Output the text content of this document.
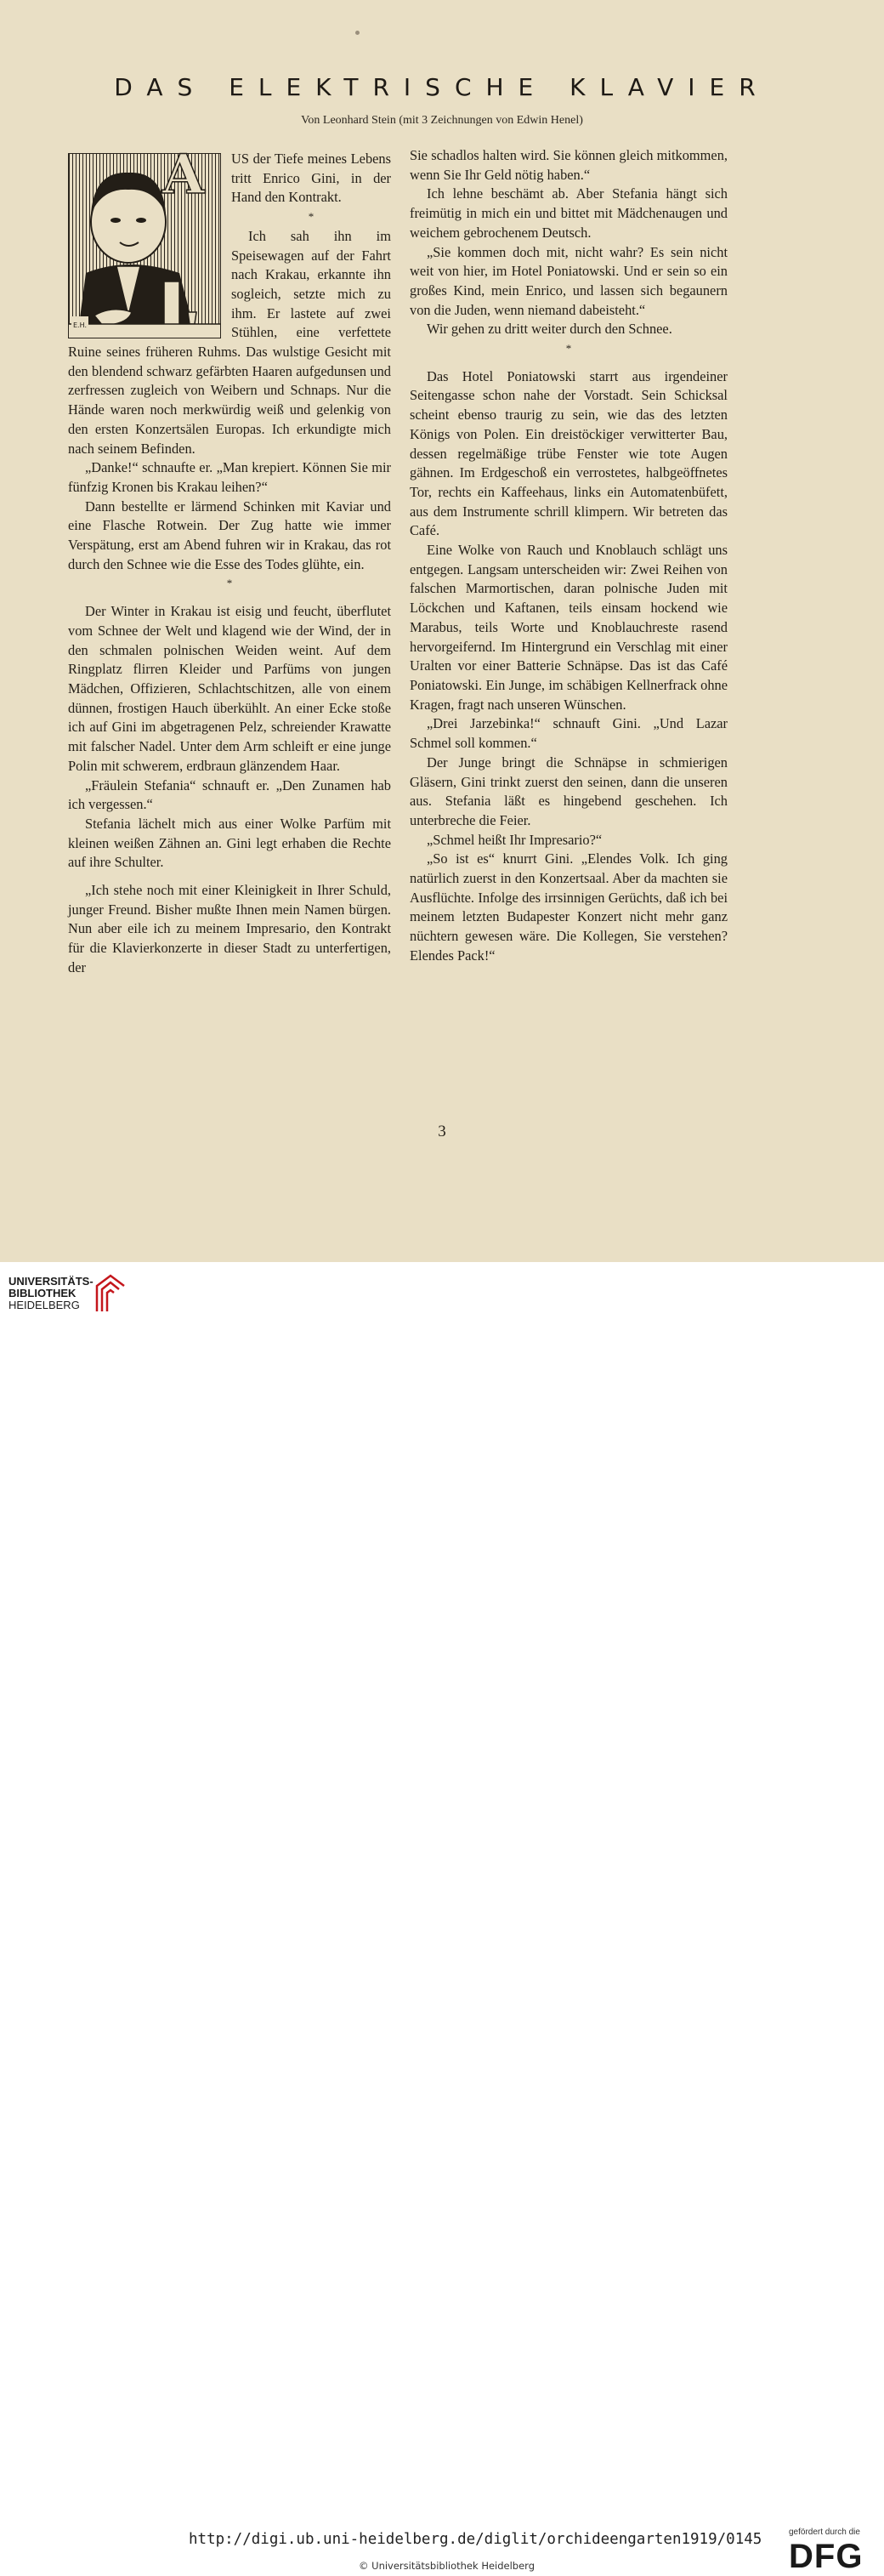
DAS ELEKTRISCHE KLAVIER
Von Leonhard Stein (mit 3 Zeichnungen von Edwin Henel)
A
E.H.

US der Tiefe meines Lebens tritt Enrico Gini, in der Hand den Kontrakt.

*

Ich sah ihn im Speisewagen auf der Fahrt nach Krakau, erkannte ihn sogleich, setzte mich zu ihm. Er lastete auf zwei Stühlen, eine verfettete Ruine seines früheren Ruhms. Das wulstige Gesicht mit den blendend schwarz gefärbten Haaren aufgedunsen und zerfressen zugleich von Weibern und Schnaps. Nur die Hände waren noch merkwürdig weiß und gelenkig von den ersten Konzertsälen Europas. Ich erkundigte mich nach seinem Befinden.

„Danke!“ schnaufte er. „Man krepiert. Können Sie mir fünfzig Kronen bis Krakau leihen?“

Dann bestellte er lärmend Schinken mit Kaviar und eine Flasche Rotwein. Der Zug hatte wie immer Verspätung, erst am Abend fuhren wir in Krakau, das rot durch den Schnee wie die Esse des Todes glühte, ein.

*

Der Winter in Krakau ist eisig und feucht, überflutet vom Schnee der Welt und klagend wie der Wind, der in den schmalen polnischen Weiden weint. Auf dem Ringplatz flirren Kleider und Parfüms von jungen Mädchen, Offizieren, Schlachtschitzen, alle von einem dünnen, frostigen Hauch überkühlt. An einer Ecke stoße ich auf Gini im abgetragenen Pelz, schreiender Krawatte mit falscher Nadel. Unter dem Arm schleift er eine junge Polin mit schwerem, erdbraun glänzendem Haar.

„Fräulein Stefania“ schnauft er. „Den Zunamen hab ich vergessen.“

Stefania lächelt mich aus einer Wolke Parfüm mit kleinen weißen Zähnen an. Gini legt erhaben die Rechte auf ihre Schulter.

„Ich stehe noch mit einer Kleinigkeit in Ihrer Schuld, junger Freund. Bisher mußte Ihnen mein Namen bürgen. Nun aber eile ich zu meinem Impresario, den Kontrakt für die Klavierkonzerte in dieser Stadt zu unterfertigen, der

Sie schadlos halten wird. Sie können gleich mitkommen, wenn Sie Ihr Geld nötig haben.“

Ich lehne beschämt ab. Aber Stefania hängt sich freimütig in mich ein und bittet mit Mädchenaugen und weichem gebrochenem Deutsch.

„Sie kommen doch mit, nicht wahr? Es sein nicht weit von hier, im Hotel Poniatowski. Und er sein so ein großes Kind, mein Enrico, und lassen sich begaunern von die Juden, wenn niemand dabeisteht.“

Wir gehen zu dritt weiter durch den Schnee.

*

Das Hotel Poniatowski starrt aus irgendeiner Seitengasse schon nahe der Vorstadt. Sein Schicksal scheint ebenso traurig zu sein, wie das des letzten Königs von Polen. Ein dreistöckiger verwitterter Bau, dessen regelmäßige trübe Fenster wie tote Augen gähnen. Im Erdgeschoß ein verrostetes, halbgeöffnetes Tor, rechts ein Kaffeehaus, links ein Automatenbüfett, aus dem Instrumente schrill klimpern. Wir betreten das Café.

Eine Wolke von Rauch und Knoblauch schlägt uns entgegen. Langsam unterscheiden wir: Zwei Reihen von falschen Marmortischen, daran polnische Juden mit Löckchen und Kaftanen, teils einsam hockend wie Marabus, teils Worte und Knoblauchreste rasend hervorgeifernd. Im Hintergrund ein Verschlag mit einer Uralten vor einer Batterie Schnäpse. Das ist das Café Poniatowski. Ein Junge, im schäbigen Kellnerfrack ohne Kragen, fragt nach unseren Wünschen.

„Drei Jarzebinka!“ schnauft Gini. „Und Lazar Schmel soll kommen.“

Der Junge bringt die Schnäpse in schmierigen Gläsern, Gini trinkt zuerst den seinen, dann die unseren aus. Stefania läßt es hingebend geschehen. Ich unterbreche die Feier.

„Schmel heißt Ihr Impresario?“

„So ist es“ knurrt Gini. „Elendes Volk. Ich ging natürlich zuerst in den Konzertsaal. Aber da machten sie Ausflüchte. Infolge des irrsinnigen Gerüchts, daß ich bei meinem letzten Budapester Konzert nicht mehr ganz nüchtern gewesen wäre. Die Kollegen, Sie verstehen? Elendes Pack!“

3
UNIVERSITÄTS-
BIBLIOTHEK
HEIDELBERG
http://digi.ub.uni-heidelberg.de/diglit/orchideengarten1919/0145
© Universitätsbibliothek Heidelberg
gefördert durch die
DFG
